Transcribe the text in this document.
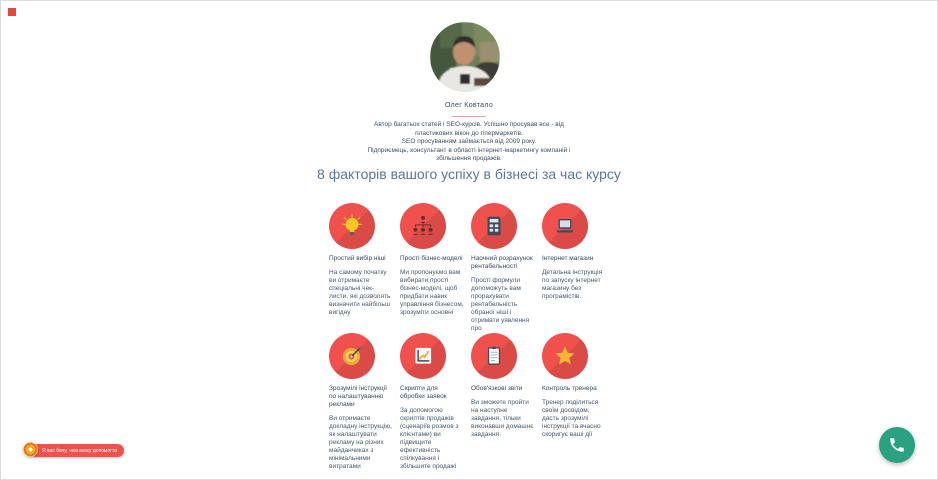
Олег Ковтало

Автор багатьох статей і SEO-курсів. Успішно просував все - від пластикових вікон до гіпермаркетів.

SEO просуванням займається від 2009 року.

Підприємець, консультант в області інтернет-маркетингу компаній і збільшення продажів.

8 факторів вашого успіху в бізнесі за час курсу
Простий вибір ніші
На самому початку ви отримаєте спеціальні чек-листи, які дозволять визначити найбільш вигідну
Прості бізнес-моделі
Ми пропонуємо вам вибирати прості бізнес-моделі, щоб придбати навик управління бізнесом, зрозуміти основні
Наочний розрахунок рентабельності
Прості формули допоможуть вам прорахувати рентабельність обраної ніші і отримати уявлення про
Інтернет магазин
Детальна інструкція по запуску інтернет магазину без програмістів.
Зрозумілі інструкції по налаштуванню реклами
Ви отримаєте докладну інструкцію, як налаштувати рекламу на різних майданчиках з мінімальними витратами
Скрипти для обробки заявок
За допомогою скриптів продажів (сценаріїв розмов з клієнтами) ви підвищите ефективність спілкування і збільшите продажі
Обов'язкові звіти
Ви зможете пройти на наступне завдання, тільки виконавши домашнє завдання.
Контроль тренера
Тренер поділиться своїм досвідом, дасть зрозумілі інструкції та вчасно скоригує ваші дії
Я вас бачу, чим можу допомогти
